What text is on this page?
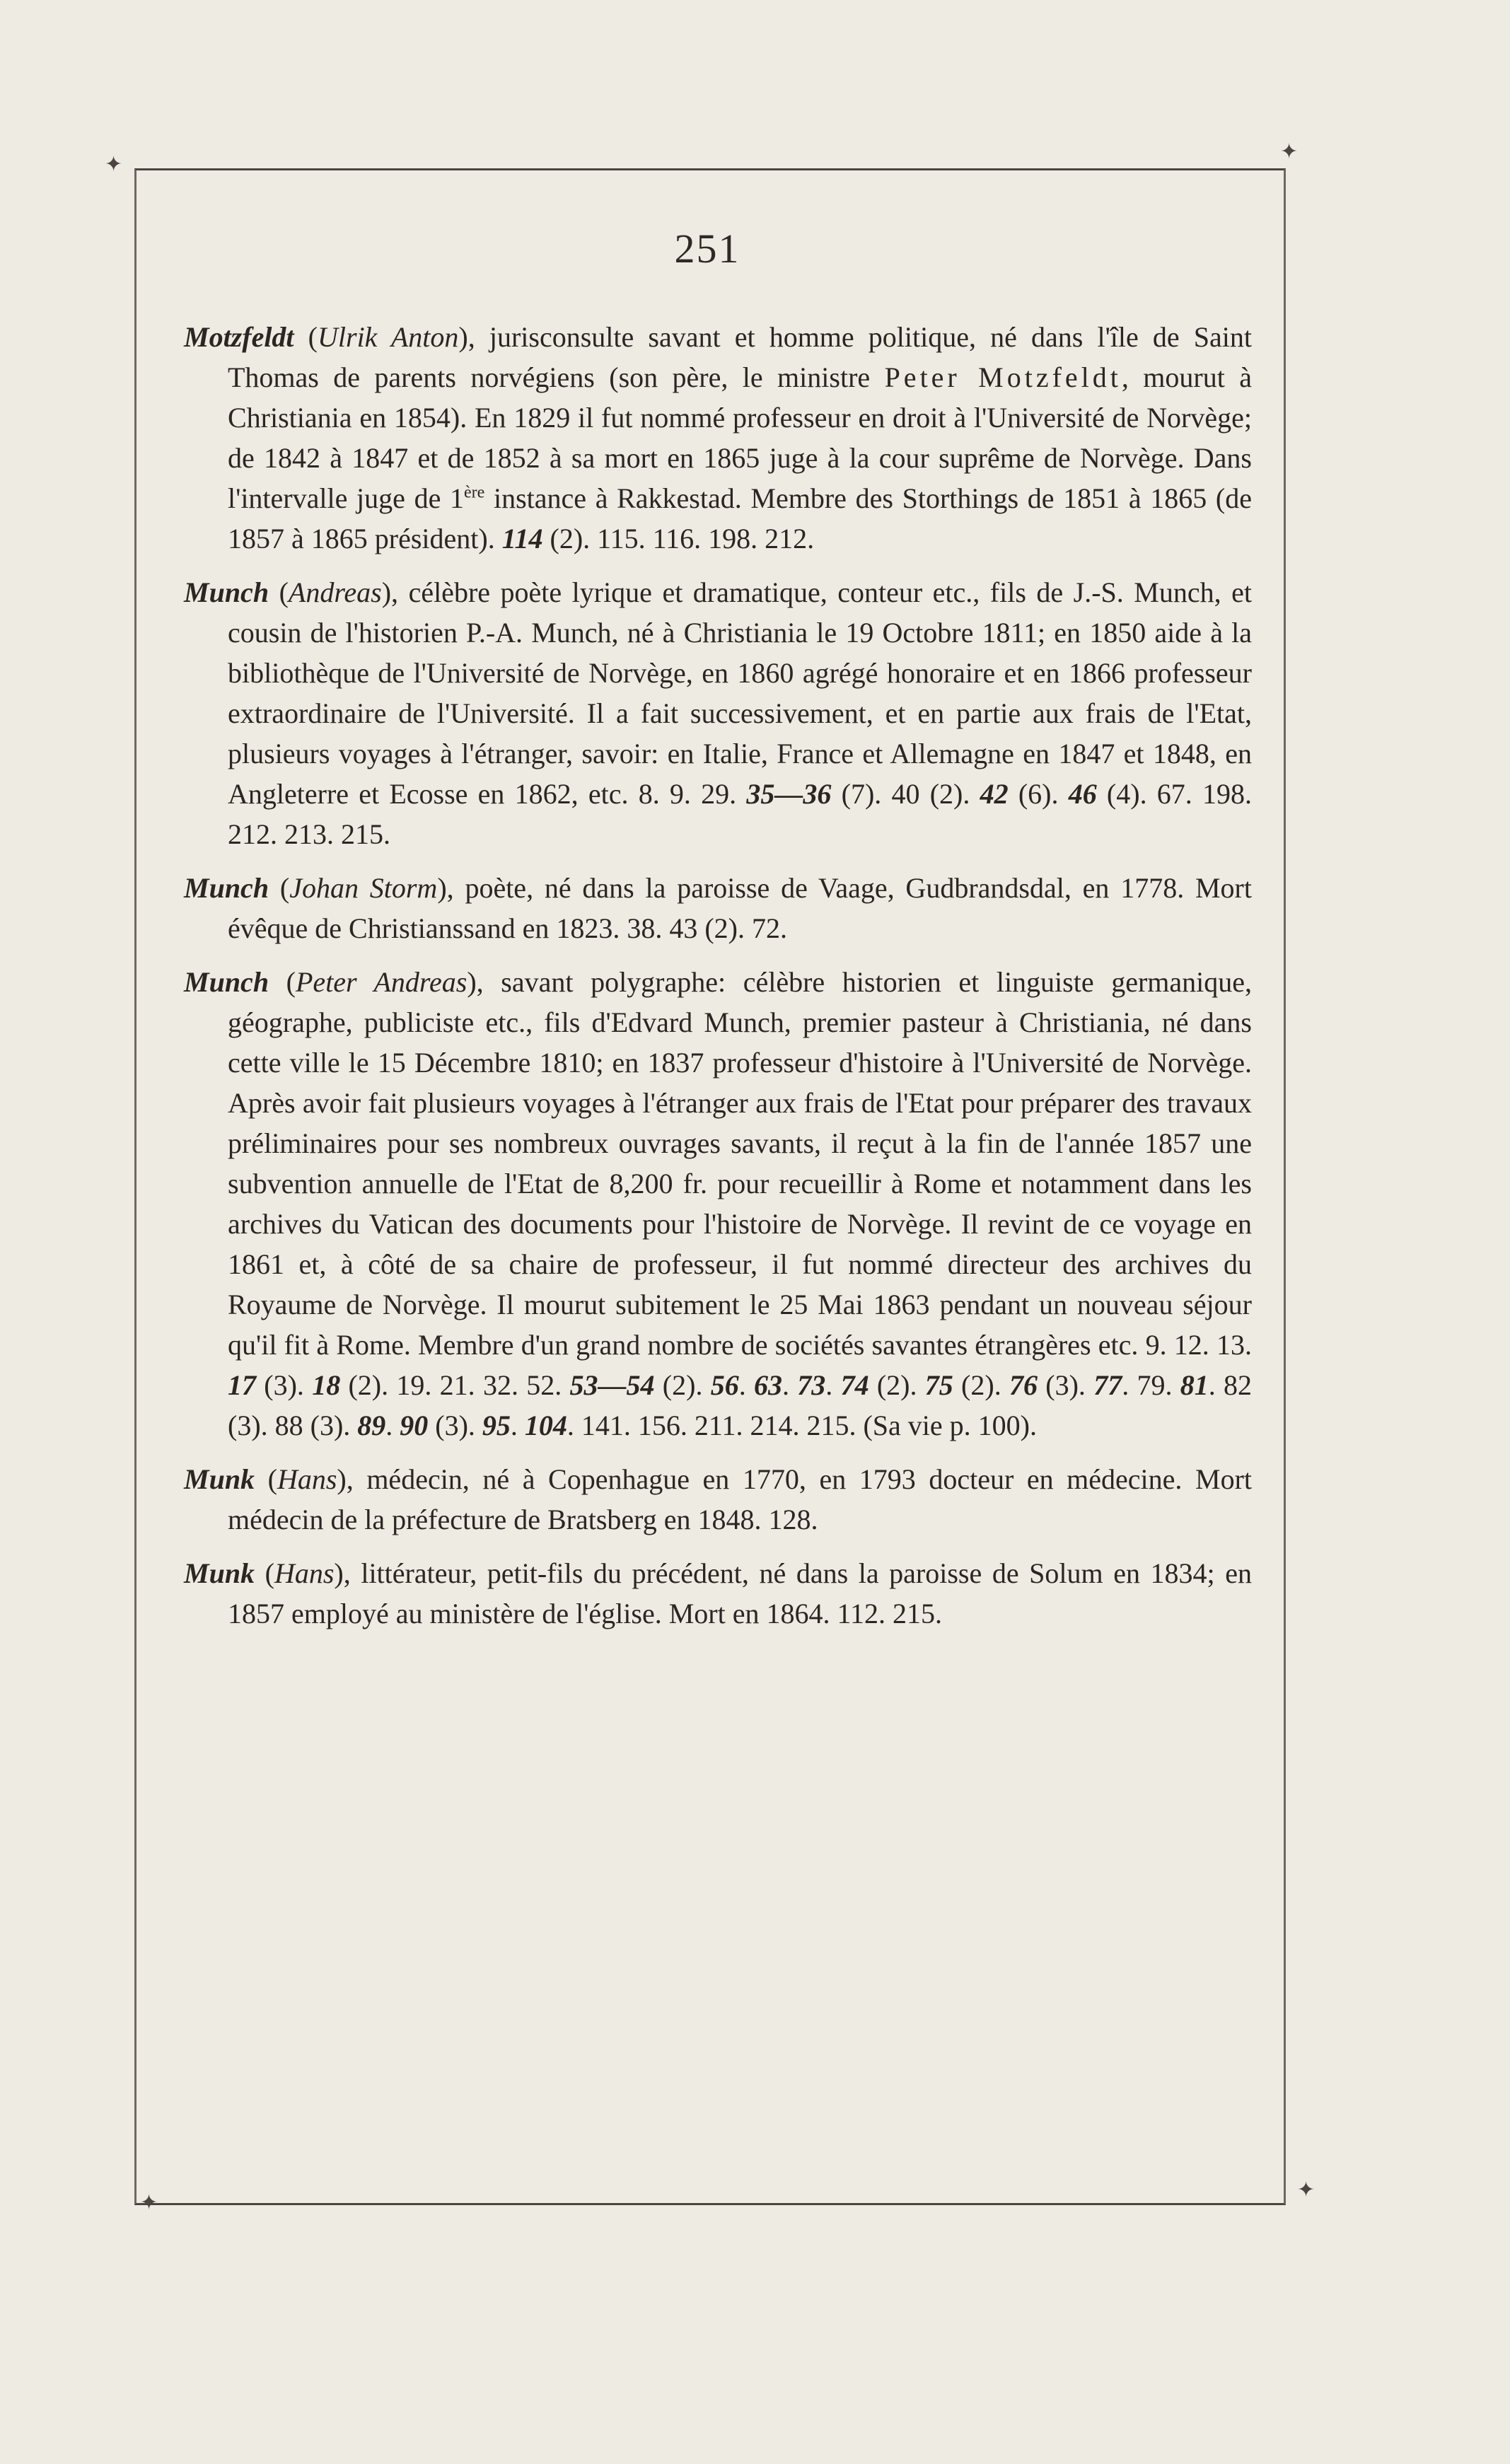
✦
✦
✦
✦
251

Motzfeldt (Ulrik Anton), jurisconsulte savant et homme politique, né dans l'île de Saint Thomas de parents norvégiens (son père, le ministre Peter Motzfeldt, mourut à Christiania en 1854). En 1829 il fut nommé professeur en droit à l'Université de Norvège; de 1842 à 1847 et de 1852 à sa mort en 1865 juge à la cour suprême de Norvège. Dans l'intervalle juge de 1ère instance à Rakkestad. Membre des Storthings de 1851 à 1865 (de 1857 à 1865 président). 114 (2). 115. 116. 198. 212.

Munch (Andreas), célèbre poète lyrique et dramatique, conteur etc., fils de J.-S. Munch, et cousin de l'historien P.-A. Munch, né à Christiania le 19 Octobre 1811; en 1850 aide à la bibliothèque de l'Université de Norvège, en 1860 agrégé honoraire et en 1866 professeur extraordinaire de l'Université. Il a fait successivement, et en partie aux frais de l'Etat, plusieurs voyages à l'étranger, savoir: en Italie, France et Allemagne en 1847 et 1848, en Angleterre et Ecosse en 1862, etc. 8. 9. 29. 35—36 (7). 40 (2). 42 (6). 46 (4). 67. 198. 212. 213. 215.

Munch (Johan Storm), poète, né dans la paroisse de Vaage, Gudbrandsdal, en 1778. Mort évêque de Christianssand en 1823. 38. 43 (2). 72.

Munch (Peter Andreas), savant polygraphe: célèbre historien et linguiste germanique, géographe, publiciste etc., fils d'Edvard Munch, premier pasteur à Christiania, né dans cette ville le 15 Décembre 1810; en 1837 professeur d'histoire à l'Université de Norvège. Après avoir fait plusieurs voyages à l'étranger aux frais de l'Etat pour préparer des travaux préliminaires pour ses nombreux ouvrages savants, il reçut à la fin de l'année 1857 une subvention annuelle de l'Etat de 8,200 fr. pour recueillir à Rome et notamment dans les archives du Vatican des documents pour l'histoire de Norvège. Il revint de ce voyage en 1861 et, à côté de sa chaire de professeur, il fut nommé directeur des archives du Royaume de Norvège. Il mourut subitement le 25 Mai 1863 pendant un nouveau séjour qu'il fit à Rome. Membre d'un grand nombre de sociétés savantes étrangères etc. 9. 12. 13. 17 (3). 18 (2). 19. 21. 32. 52. 53—54 (2). 56. 63. 73. 74 (2). 75 (2). 76 (3). 77. 79. 81. 82 (3). 88 (3). 89. 90 (3). 95. 104. 141. 156. 211. 214. 215. (Sa vie p. 100).

Munk (Hans), médecin, né à Copenhague en 1770, en 1793 docteur en médecine. Mort médecin de la préfecture de Bratsberg en 1848. 128.

Munk (Hans), littérateur, petit-fils du précédent, né dans la paroisse de Solum en 1834; en 1857 employé au ministère de l'église. Mort en 1864. 112. 215.
